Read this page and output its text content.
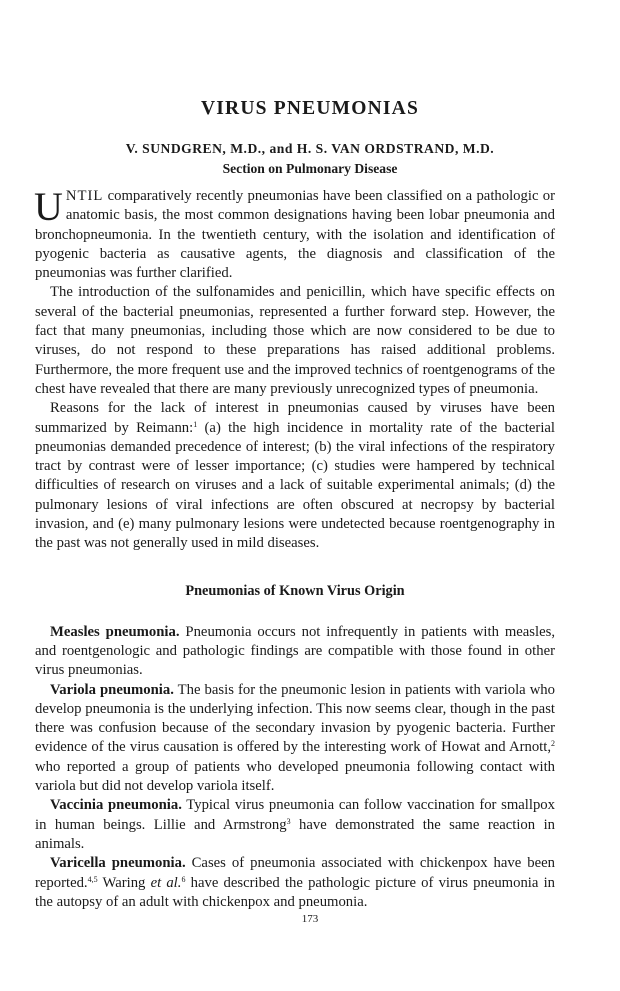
VIRUS PNEUMONIAS
V. SUNDGREN, M.D., and H. S. VAN ORDSTRAND, M.D.
Section on Pulmonary Disease

UNTIL comparatively recently pneumonias have been classified on a pathologic or anatomic basis, the most common designations having been lobar pneumonia and bronchopneumonia. In the twentieth century, with the isolation and identification of pyogenic bacteria as causative agents, the diagnosis and classification of the pneumonias was further clarified.

The introduction of the sulfonamides and penicillin, which have specific effects on several of the bacterial pneumonias, represented a further forward step. However, the fact that many pneumonias, including those which are now considered to be due to viruses, do not respond to these preparations has raised additional problems. Furthermore, the more frequent use and the improved technics of roentgenograms of the chest have revealed that there are many previously unrecognized types of pneumonia.

Reasons for the lack of interest in pneumonias caused by viruses have been summarized by Reimann:$^1$ (a) the high incidence in mortality rate of the bacterial pneumonias demanded precedence of interest; (b) the viral infections of the respiratory tract by contrast were of lesser importance; (c) studies were hampered by technical difficulties of research on viruses and a lack of suitable experimental animals; (d) the pulmonary lesions of viral infections are often obscured at necropsy by bacterial invasion, and (e) many pulmonary lesions were undetected because roentgenography in the past was not generally used in mild diseases.

Pneumonias of Known Virus Origin

Measles pneumonia. Pneumonia occurs not infrequently in patients with measles, and roentgenologic and pathologic findings are compatible with those found in other virus pneumonias.

Variola pneumonia. The basis for the pneumonic lesion in patients with variola who develop pneumonia is the underlying infection. This now seems clear, though in the past there was confusion because of the secondary invasion by pyogenic bacteria. Further evidence of the virus causation is offered by the interesting work of Howat and Arnott,$^2$ who reported a group of patients who developed pneumonia following contact with variola but did not develop variola itself.

Vaccinia pneumonia. Typical virus pneumonia can follow vaccination for smallpox in human beings. Lillie and Armstrong$^3$ have demonstrated the same reaction in animals.

Varicella pneumonia. Cases of pneumonia associated with chickenpox have been reported.$^{4,5}$ Waring et al.$^6$ have described the pathologic picture of virus pneumonia in the autopsy of an adult with chickenpox and pneumonia.

173
